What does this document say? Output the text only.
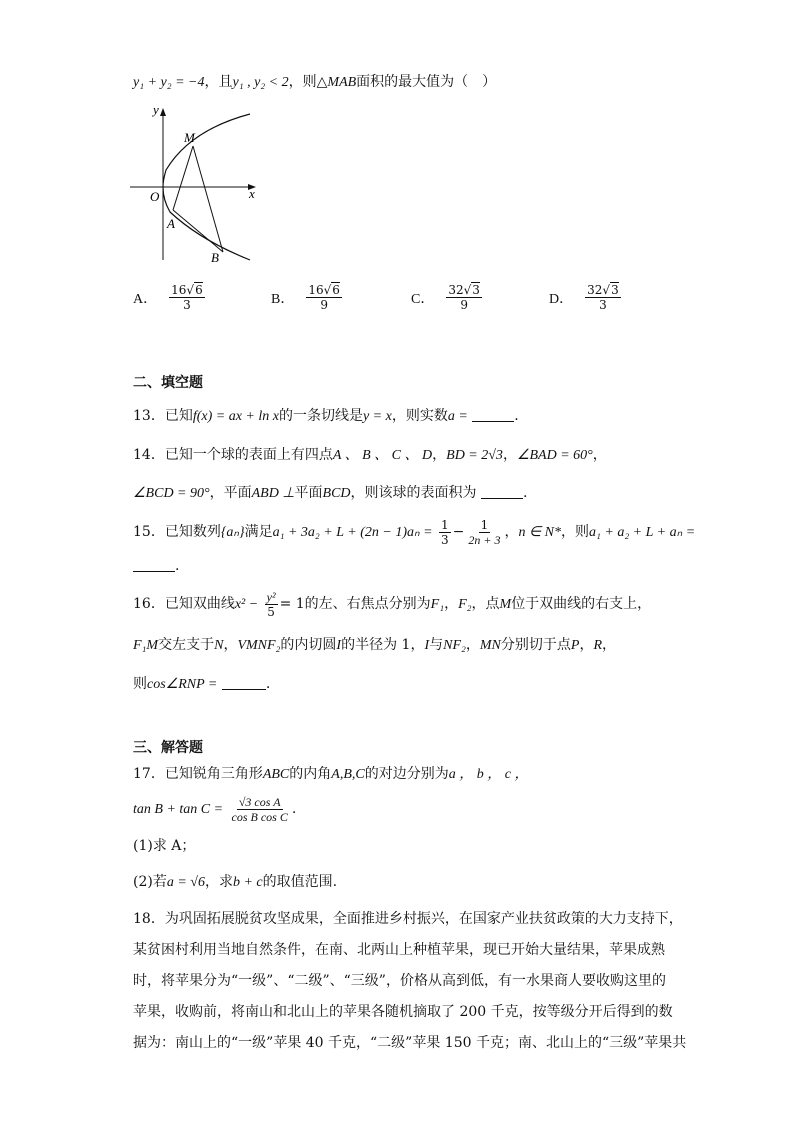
y₁ + y₂ = −4，且y₁ , y₂ < 2，则△MAB面积的最大值为（　）
y
x
O
M
A
B
A． $\frac{16√6}{3}$	B． $\frac{16√6}{9}$	C． $\frac{32√3}{9}$	D． $\frac{32√3}{3}$
二、填空题
13．已知f(x) = ax + ln x的一条切线是y = x，则实数a =	.
14．已知一个球的表面上有四点A 、 B 、 C 、 D，BD = 2√3，∠BAD = 60°，
∠BCD = 90°，平面ABD ⊥平面BCD，则该球的表面积为	.
15．已知数列{aₙ}满足$a_1 + 3a_2 + L + (2n - 1)a_n = \frac{1}{3} - \frac{1}{2n + 3}$ ，n ∈ N*，则a₁ + a₂ + L + aₙ =
.
16．已知双曲线$x^2 - \frac{\text{y²}}{5} = 1$的左、右焦点分别为F₁，F₂，点M位于双曲线的右支上，
F₁M交左支于N，VMNF₂的内切圆I的半径为 1，I与NF₂，MN分别切于点P，R，
则cos∠RNP =	.
三、解答题
17．已知锐角三角形ABC的内角A,B,C的对边分别为a ， b ， c ，
$\tan B + \tan C = \frac{\text{√3 cos A}}{\text{cos B cos C}}$ .
(1)求 A；
(2)若a = √6，求b + c的取值范围.
18．为巩固拓展脱贫攻坚成果，全面推进乡村振兴，在国家产业扶贫政策的大力支持下，
某贫困村利用当地自然条件，在南、北两山上种植苹果，现已开始大量结果，苹果成熟
时，将苹果分为“一级”、“二级”、“三级”，价格从高到低，有一水果商人要收购这里的
苹果，收购前，将南山和北山上的苹果各随机摘取了 200 千克，按等级分开后得到的数
据为：南山上的“一级”苹果 40 千克，“二级”苹果 150 千克；南、北山上的“三级”苹果共
